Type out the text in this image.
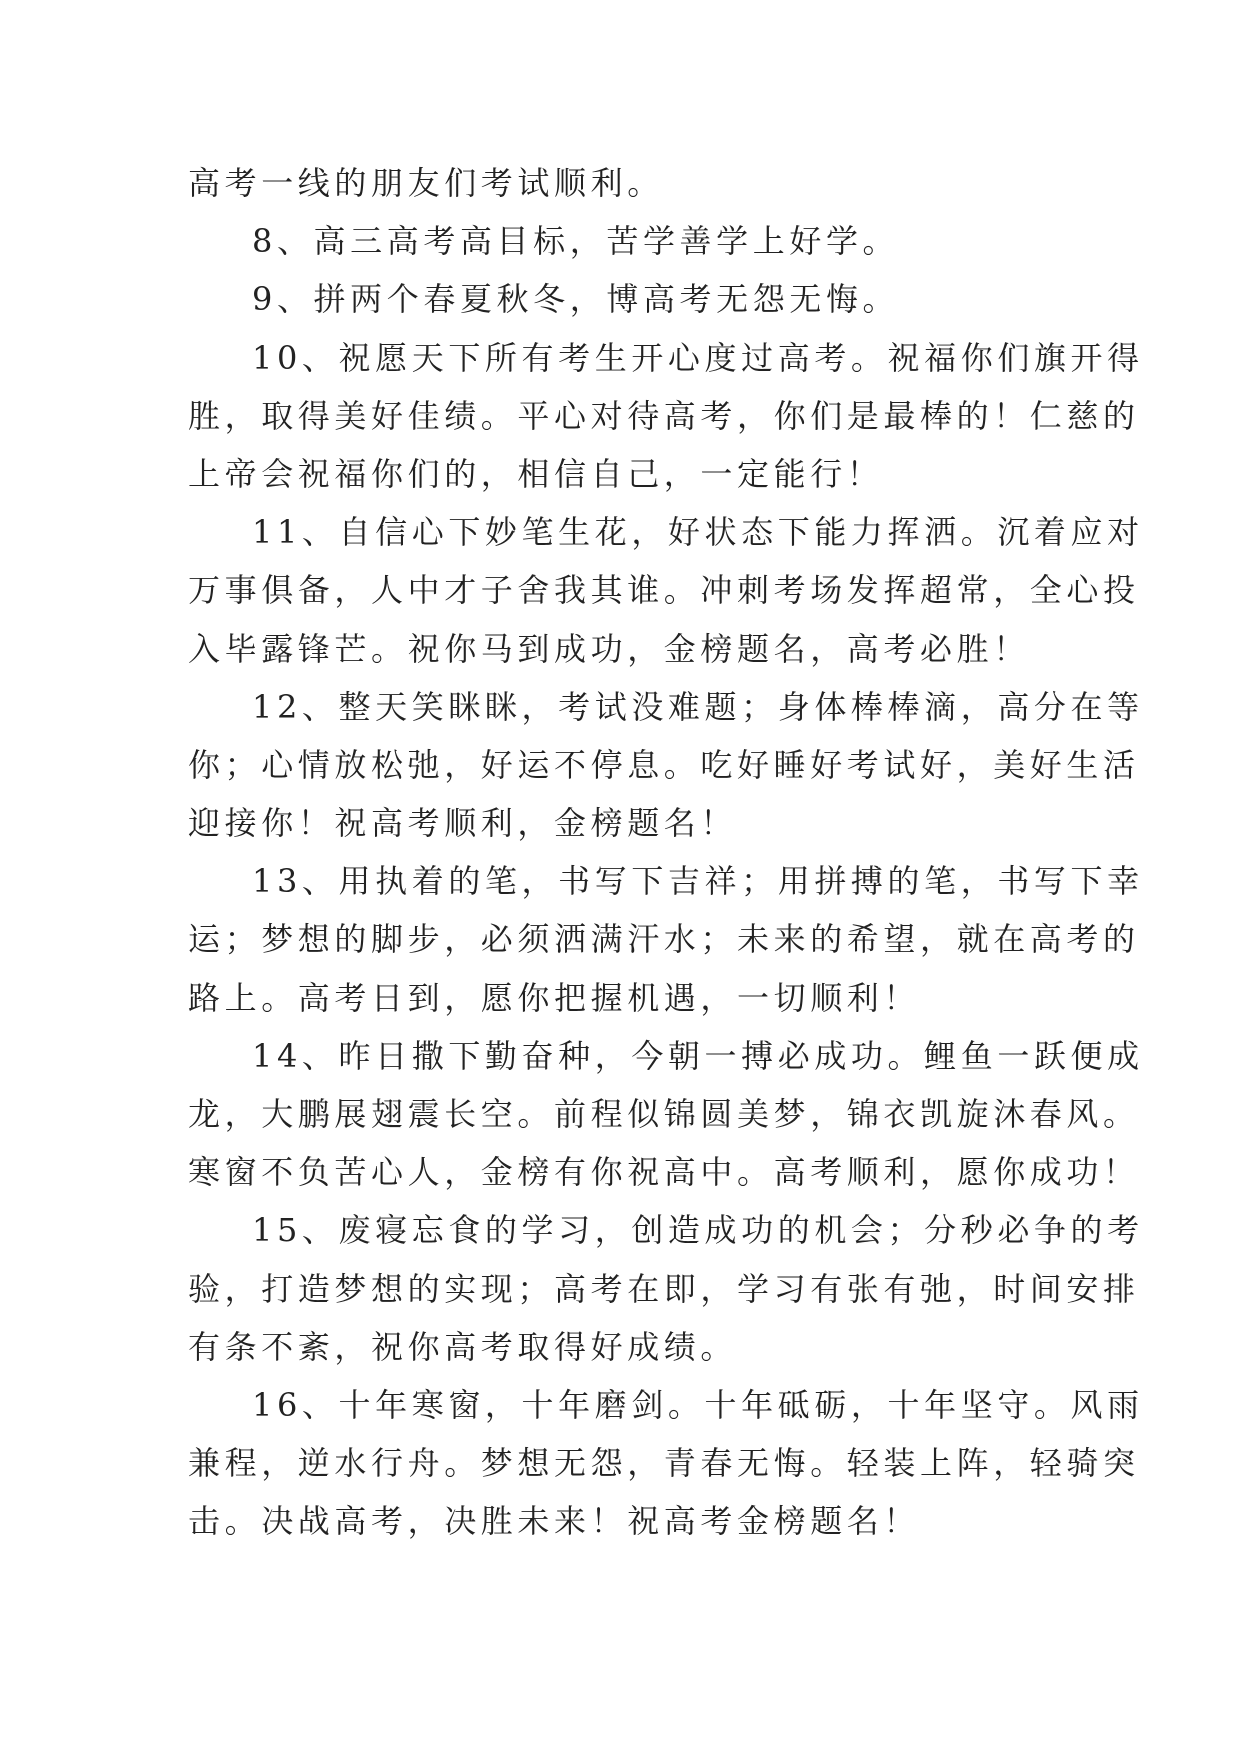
高考一线的朋友们考试顺利。
8、高三高考高目标，苦学善学上好学。
9、拼两个春夏秋冬，博高考无怨无悔。
10、祝愿天下所有考生开心度过高考。祝福你们旗开得
胜，取得美好佳绩。平心对待高考，你们是最棒的！仁慈的
上帝会祝福你们的，相信自己，一定能行！
11、自信心下妙笔生花，好状态下能力挥洒。沉着应对
万事俱备，人中才子舍我其谁。冲刺考场发挥超常，全心投
入毕露锋芒。祝你马到成功，金榜题名，高考必胜！
12、整天笑眯眯，考试没难题；身体棒棒滴，高分在等
你；心情放松弛，好运不停息。吃好睡好考试好，美好生活
迎接你！祝高考顺利，金榜题名！
13、用执着的笔，书写下吉祥；用拼搏的笔，书写下幸
运；梦想的脚步，必须洒满汗水；未来的希望，就在高考的
路上。高考日到，愿你把握机遇，一切顺利！
14、昨日撒下勤奋种，今朝一搏必成功。鲤鱼一跃便成
龙，大鹏展翅震长空。前程似锦圆美梦，锦衣凯旋沐春风。
寒窗不负苦心人，金榜有你祝高中。高考顺利，愿你成功！
15、废寝忘食的学习，创造成功的机会；分秒必争的考
验，打造梦想的实现；高考在即，学习有张有弛，时间安排
有条不紊，祝你高考取得好成绩。
16、十年寒窗，十年磨剑。十年砥砺，十年坚守。风雨
兼程，逆水行舟。梦想无怨，青春无悔。轻装上阵，轻骑突
击。决战高考，决胜未来！祝高考金榜题名！
